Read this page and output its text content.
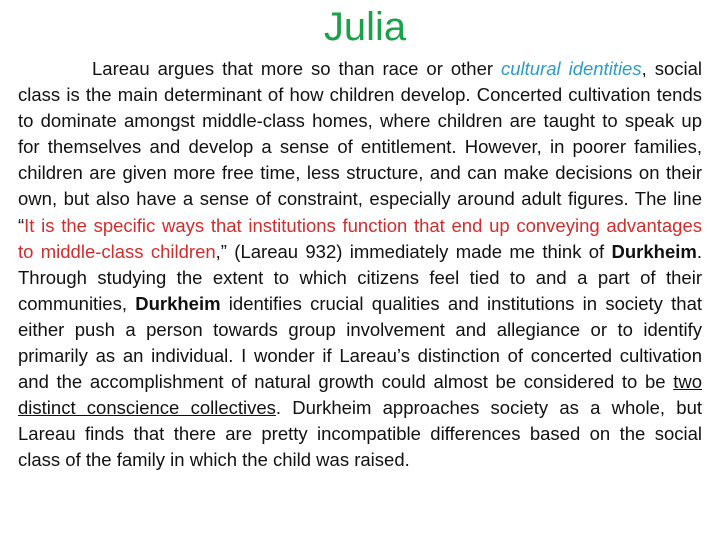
Julia

Lareau argues that more so than race or other cultural identities, social class is the main determinant of how children develop. Concerted cultivation tends to dominate amongst middle-class homes, where children are taught to speak up for themselves and develop a sense of entitlement. However, in poorer families, children are given more free time, less structure, and can make decisions on their own, but also have a sense of constraint, especially around adult figures. The line “It is the specific ways that institutions function that end up conveying advantages to middle-class children,” (Lareau 932) immediately made me think of Durkheim. Through studying the extent to which citizens feel tied to and a part of their communities, Durkheim identifies crucial qualities and institutions in society that either push a person towards group involvement and allegiance or to identify primarily as an individual. I wonder if Lareau’s distinction of concerted cultivation and the accomplishment of natural growth could almost be considered to be two distinct conscience collectives. Durkheim approaches society as a whole, but Lareau finds that there are pretty incompatible differences based on the social class of the family in which the child was raised.
